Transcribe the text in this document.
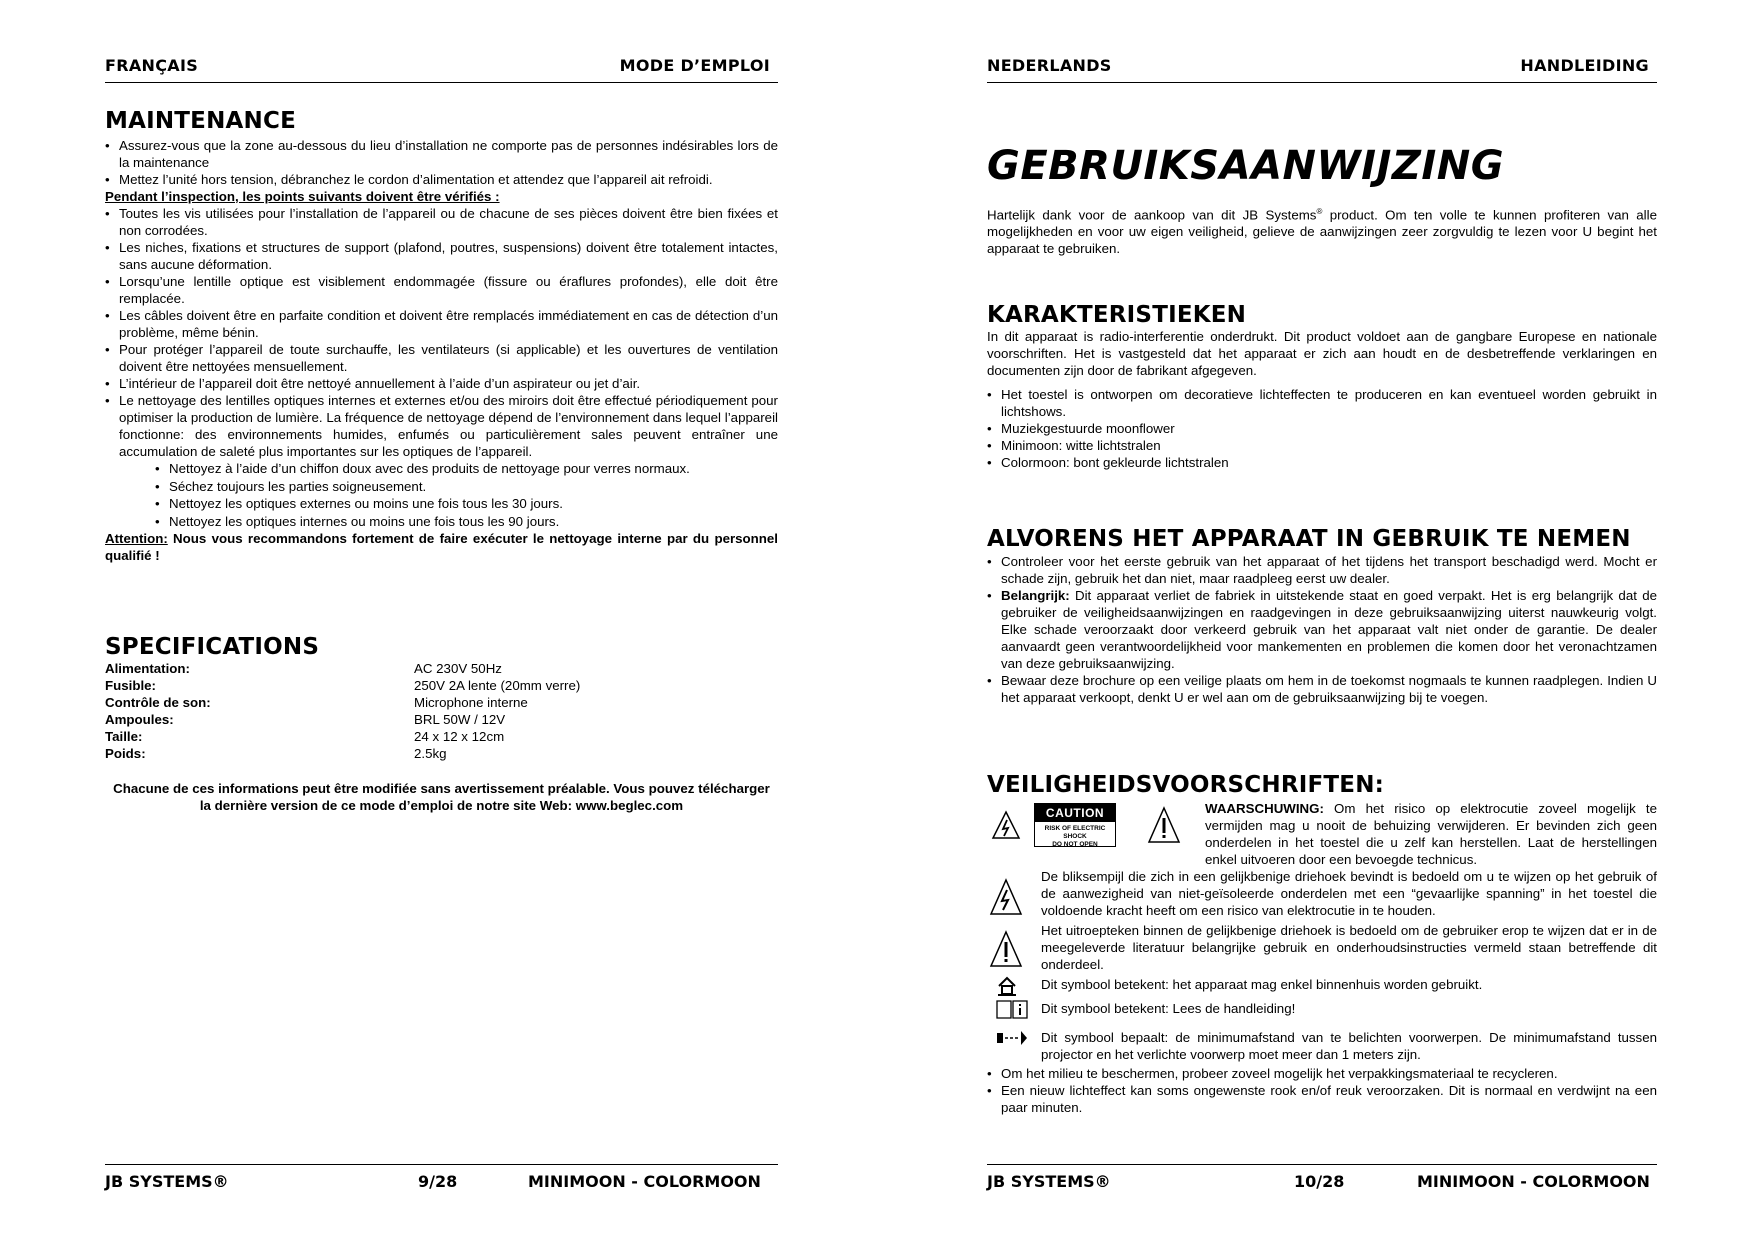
FRANÇAIS	MODE D’EMPLOI
MAINTENANCE
• Assurez-vous que la zone au-dessous du lieu d’installation ne comporte pas de personnes indésirables lors de la maintenance
• Mettez l’unité hors tension, débranchez le cordon d’alimentation et attendez que l’appareil ait refroidi.
Pendant l’inspection, les points suivants doivent être vérifiés :
• Toutes les vis utilisées pour l’installation de l’appareil ou de chacune de ses pièces doivent être bien fixées et non corrodées.
• Les niches, fixations et structures de support (plafond, poutres, suspensions) doivent être totalement intactes, sans aucune déformation.
• Lorsqu’une lentille optique est visiblement endommagée (fissure ou éraflures profondes), elle doit être remplacée.
• Les câbles doivent être en parfaite condition et doivent être remplacés immédiatement en cas de détection d’un problème, même bénin.
• Pour protéger l’appareil de toute surchauffe, les ventilateurs (si applicable) et les ouvertures de ventilation doivent être nettoyées mensuellement.
• L’intérieur de l’appareil doit être nettoyé annuellement à l’aide d’un aspirateur ou jet d’air.
• Le nettoyage des lentilles optiques internes et externes et/ou des miroirs doit être effectué périodiquement pour optimiser la production de lumière. La fréquence de nettoyage dépend de l’environnement dans lequel l’appareil fonctionne: des environnements humides, enfumés ou particulièrement sales peuvent entraîner une accumulation de saleté plus importantes sur les optiques de l’appareil.
• Nettoyez à l’aide d’un chiffon doux avec des produits de nettoyage pour verres normaux.
• Séchez toujours les parties soigneusement.
• Nettoyez les optiques externes ou moins une fois tous les 30 jours.
• Nettoyez les optiques internes ou moins une fois tous les 90 jours.
Attention: Nous vous recommandons fortement de faire exécuter le nettoyage interne par du personnel qualifié !
SPECIFICATIONS
Alimentation:	AC 230V 50Hz
Fusible:	250V 2A lente (20mm verre)
Contrôle de son:	Microphone interne
Ampoules:	BRL 50W / 12V
Taille:	24 x 12 x 12cm
Poids:	2.5kg
Chacune de ces informations peut être modifiée sans avertissement préalable. Vous pouvez télécharger la dernière version de ce mode d’emploi de notre site Web: www.beglec.com
JB SYSTEMS®	9/28	MINIMOON - COLORMOON
NEDERLANDS	HANDLEIDING
GEBRUIKSAANWIJZING
Hartelijk dank voor de aankoop van dit JB Systems® product. Om ten volle te kunnen profiteren van alle mogelijkheden en voor uw eigen veiligheid, gelieve de aanwijzingen zeer zorgvuldig te lezen voor U begint het apparaat te gebruiken.
KARAKTERISTIEKEN
In dit apparaat is radio-interferentie onderdrukt. Dit product voldoet aan de gangbare Europese en nationale voorschriften. Het is vastgesteld dat het apparaat er zich aan houdt en de desbetreffende verklaringen en documenten zijn door de fabrikant afgegeven.
• Het toestel is ontworpen om decoratieve lichteffecten te produceren en kan eventueel worden gebruikt in lichtshows.
• Muziekgestuurde moonflower
• Minimoon: witte lichtstralen
• Colormoon: bont gekleurde lichtstralen
ALVORENS HET APPARAAT IN GEBRUIK TE NEMEN
• Controleer voor het eerste gebruik van het apparaat of het tijdens het transport beschadigd werd. Mocht er schade zijn, gebruik het dan niet, maar raadpleeg eerst uw dealer.
• Belangrijk: Dit apparaat verliet de fabriek in uitstekende staat en goed verpakt. Het is erg belangrijk dat de gebruiker de veiligheidsaanwijzingen en raadgevingen in deze gebruiksaanwijzing uiterst nauwkeurig volgt. Elke schade veroorzaakt door verkeerd gebruik van het apparaat valt niet onder de garantie. De dealer aanvaardt geen verantwoordelijkheid voor mankementen en problemen die komen door het veronachtzamen van deze gebruiksaanwijzing.
• Bewaar deze brochure op een veilige plaats om hem in de toekomst nogmaals te kunnen raadplegen. Indien U het apparaat verkoopt, denkt U er wel aan om de gebruiksaanwijzing bij te voegen.
VEILIGHEIDSVOORSCHRIFTEN:
CAUTION
RISK OF ELECTRIC SHOCK
DO NOT OPEN
WAARSCHUWING: Om het risico op elektrocutie zoveel mogelijk te vermijden mag u nooit de behuizing verwijderen. Er bevinden zich geen onderdelen in het toestel die u zelf kan herstellen. Laat de herstellingen enkel uitvoeren door een bevoegde technicus.
De bliksempijl die zich in een gelijkbenige driehoek bevindt is bedoeld om u te wijzen op het gebruik of de aanwezigheid van niet-geïsoleerde onderdelen met een “gevaarlijke spanning” in het toestel die voldoende kracht heeft om een risico van elektrocutie in te houden.
Het uitroepteken binnen de gelijkbenige driehoek is bedoeld om de gebruiker erop te wijzen dat er in de meegeleverde literatuur belangrijke gebruik en onderhoudsinstructies vermeld staan betreffende dit onderdeel.
Dit symbool betekent: het apparaat mag enkel binnenhuis worden gebruikt.
Dit symbool betekent: Lees de handleiding!
Dit symbool bepaalt: de minimumafstand van te belichten voorwerpen. De minimumafstand tussen projector en het verlichte voorwerp moet meer dan 1 meters zijn.
• Om het milieu te beschermen, probeer zoveel mogelijk het verpakkingsmateriaal te recycleren.
• Een nieuw lichteffect kan soms ongewenste rook en/of reuk veroorzaken. Dit is normaal en verdwijnt na een paar minuten.
JB SYSTEMS®	10/28	MINIMOON - COLORMOON
